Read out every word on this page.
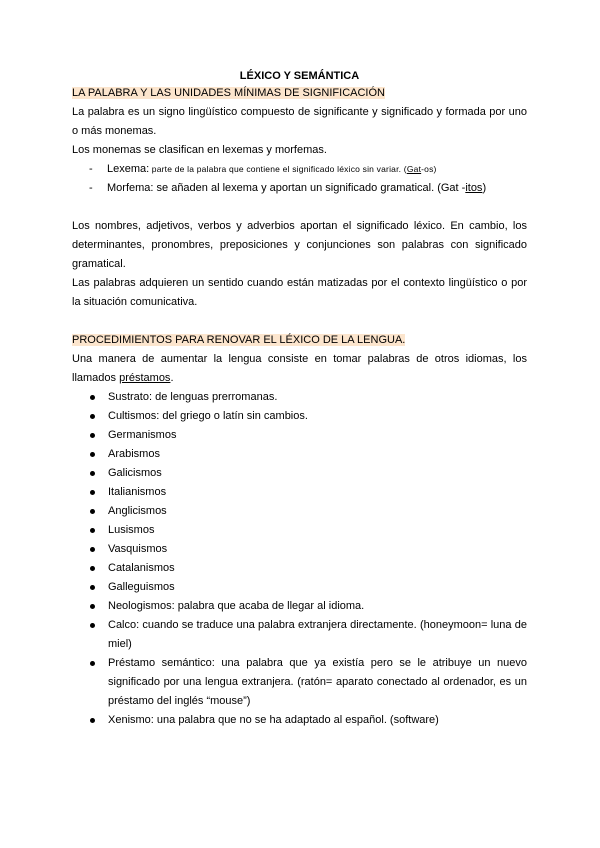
LÉXICO Y SEMÁNTICA
LA PALABRA Y LAS UNIDADES MÍNIMAS DE SIGNIFICACIÓN
La palabra es un signo lingüístico compuesto de significante y significado y formada por uno o más monemas.
Los monemas se clasifican en lexemas y morfemas.
- Lexema: parte de la palabra que contiene el significado léxico sin variar. (Gat-os)
- Morfema: se añaden al lexema y aportan un significado gramatical. (Gat -itos)
Los nombres, adjetivos, verbos y adverbios aportan el significado léxico. En cambio, los determinantes, pronombres, preposiciones y conjunciones son palabras con significado gramatical.
Las palabras adquieren un sentido cuando están matizadas por el contexto lingüístico o por la situación comunicativa.
PROCEDIMIENTOS PARA RENOVAR EL LÉXICO DE LA LENGUA.
Una manera de aumentar la lengua consiste en tomar palabras de otros idiomas, los llamados préstamos.
Sustrato: de lenguas prerromanas.
Cultismos: del griego o latín sin cambios.
Germanismos
Arabismos
Galicismos
Italianismos
Anglicismos
Lusismos
Vasquismos
Catalanismos
Galleguismos
Neologismos: palabra que acaba de llegar al idioma.
Calco: cuando se traduce una palabra extranjera directamente. (honeymoon= luna de miel)
Préstamo semántico: una palabra que ya existía pero se le atribuye un nuevo significado por una lengua extranjera. (ratón= aparato conectado al ordenador, es un préstamo del inglés “mouse”)
Xenismo: una palabra que no se ha adaptado al español. (software)
